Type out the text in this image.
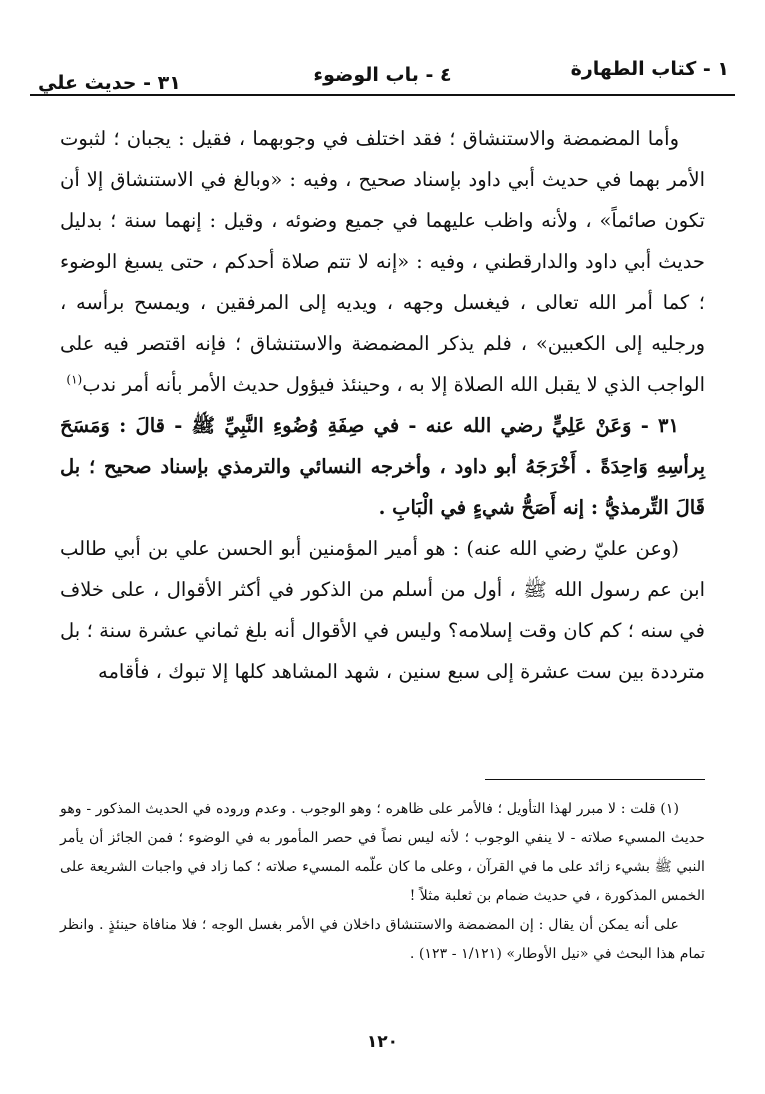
١ - كتاب الطهارة
٤ - باب الوضوء
٣١ - حديث علي

وأما المضمضة والاستنشاق ؛ فقد اختلف في وجوبهما ، فقيل : يجبان ؛ لثبوت الأمر بهما في حديث أبي داود بإسناد صحيح ، وفيه : «وبالغ في الاستنشاق إلا أن تكون صائماً» ، ولأنه واظب عليهما في جميع وضوئه ، وقيل : إنهما سنة ؛ بدليل حديث أبي داود والدارقطني ، وفيه : «إنه لا تتم صلاة أحدكم ، حتى يسبغ الوضوء ؛ كما أمر الله تعالى ، فيغسل وجهه ، ويديه إلى المرفقين ، ويمسح برأسه ، ورجليه إلى الكعبين» ، فلم يذكر المضمضة والاستنشاق ؛ فإنه اقتصر فيه على الواجب الذي لا يقبل الله الصلاة إلا به ، وحينئذ فيؤول حديث الأمر بأنه أمر ندب$^{(١)}$

٣١ - وَعَنْ عَلِيٍّ رضي الله عنه - في صِفَةِ وُضُوءِ النَّبِيِّ ﷺ - قالَ : وَمَسَحَ بِرأسِهِ وَاحِدَةً . أَخْرَجَهُ أبو داود ، وأخرجه النسائي والترمذي بإسناد صحيح ؛ بل قَالَ التِّرمذيُّ : إنه أَصَحُّ شيءٍ في الْبَابِ .

(وعن عليّ رضي الله عنه) : هو أمير المؤمنين أبو الحسن علي بن أبي طالب ابن عم رسول الله ﷺ ، أول من أسلم من الذكور في أكثر الأقوال ، على خلاف في سنه ؛ كم كان وقت إسلامه؟ وليس في الأقوال أنه بلغ ثماني عشرة سنة ؛ بل مترددة بين ست عشرة إلى سبع سنين ، شهد المشاهد كلها إلا تبوك ، فأقامه

(١) قلت : لا مبرر لهذا التأويل ؛ فالأمر على ظاهره ؛ وهو الوجوب . وعدم وروده في الحديث المذكور - وهو حديث المسيء صلاته - لا ينفي الوجوب ؛ لأنه ليس نصاً في حصر المأمور به في الوضوء ؛ فمن الجائز أن يأمر النبي ﷺ بشيء زائد على ما في القرآن ، وعلى ما كان علّمه المسيء صلاته ؛ كما زاد في واجبات الشريعة على الخمس المذكورة ، في حديث ضمام بن ثعلبة مثلاً !

على أنه يمكن أن يقال : إن المضمضة والاستنشاق داخلان في الأمر بغسل الوجه ؛ فلا منافاة حينئذٍ . وانظر تمام هذا البحث في «نيل الأوطار» (١/١٢١ - ١٢٣) .

١٢٠
